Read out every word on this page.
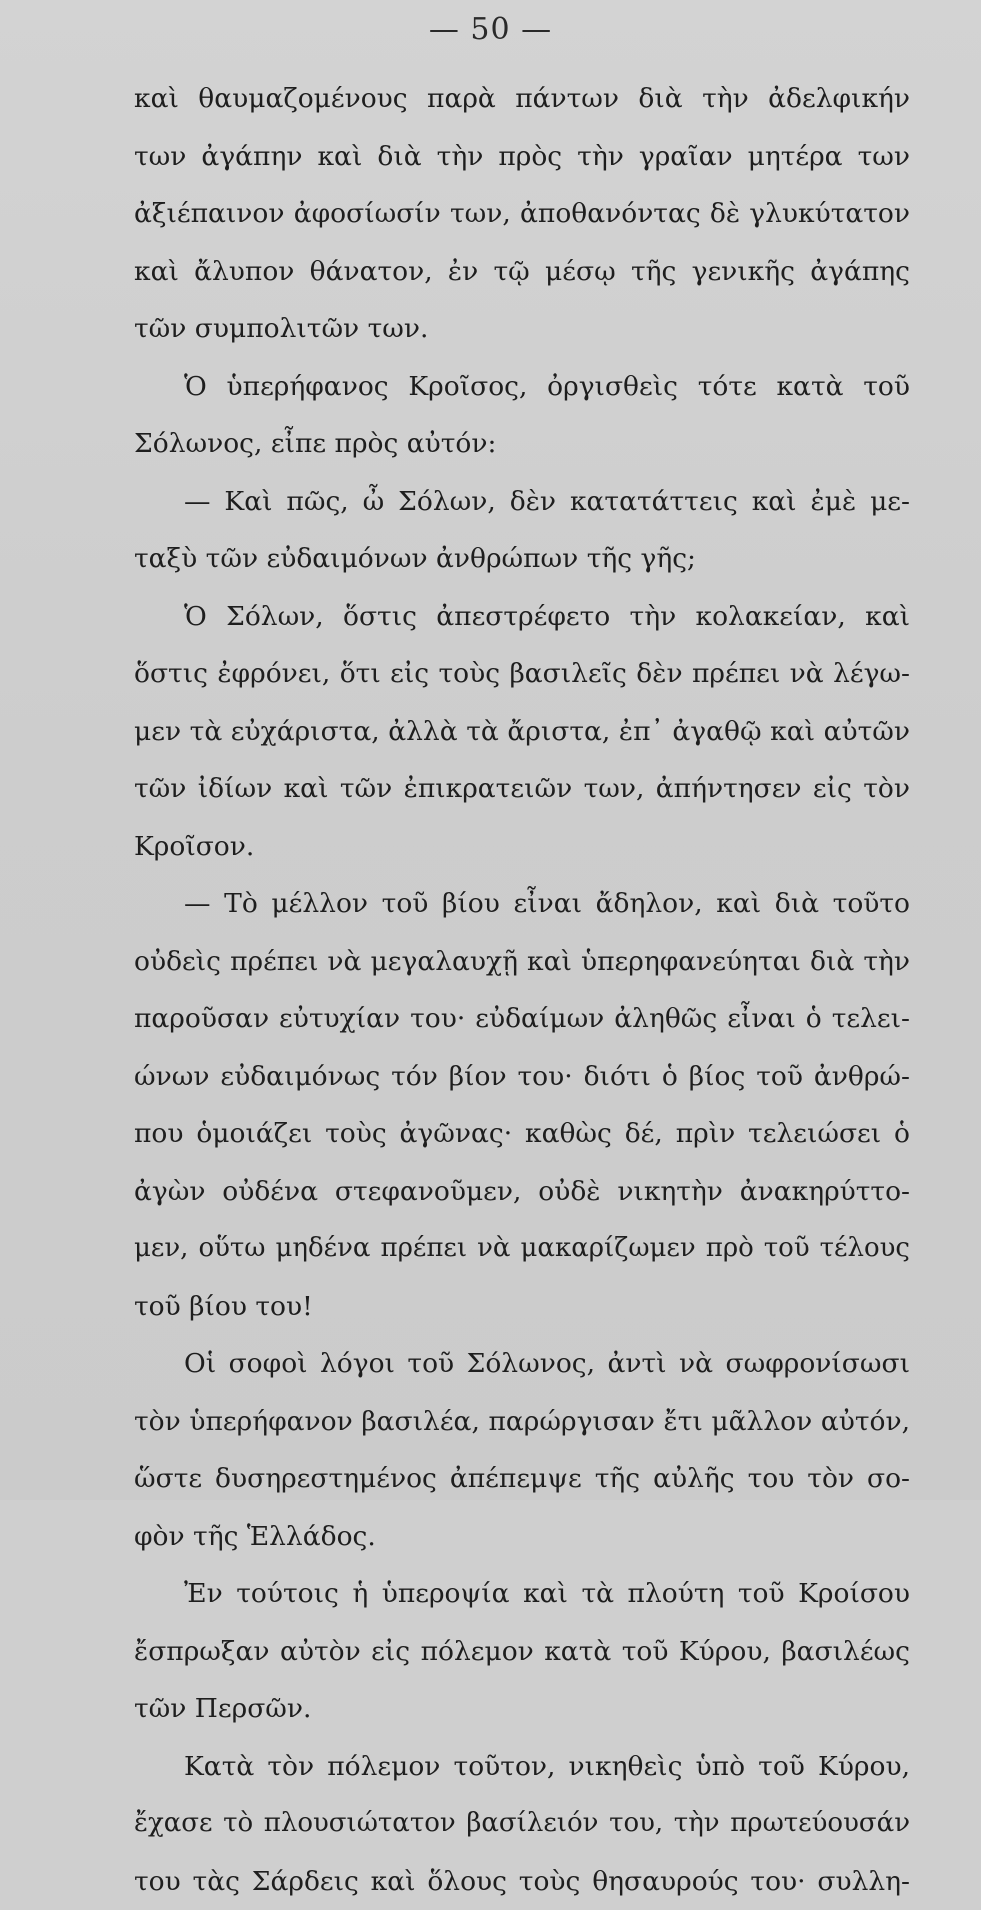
— 50 —
καὶ θαυμαζομένους παρὰ πάντων διὰ τὴν ἀδελφικήν
των ἀγάπην καὶ διὰ τὴν πρὸς τὴν γραῖαν μητέρα των
ἀξιέπαινον ἀφοσίωσίν των, ἀποθανόντας δὲ γλυκύτατον
καὶ ἄλυπον θάνατον, ἐν τῷ μέσῳ τῆς γενικῆς ἀγάπης
τῶν συμπολιτῶν των.
Ὁ ὑπερήφανος Κροῖσος, ὀργισθεὶς τότε κατὰ τοῦ
Σόλωνος, εἶπε πρὸς αὐτόν:
— Καὶ πῶς, ὦ Σόλων, δὲν κατατάττεις καὶ ἐμὲ με-
ταξὺ τῶν εὐδαιμόνων ἀνθρώπων τῆς γῆς;
Ὁ Σόλων, ὅστις ἀπεστρέφετο τὴν κολακείαν, καὶ
ὅστις ἐφρόνει, ὅτι εἰς τοὺς βασιλεῖς δὲν πρέπει νὰ λέγω-
μεν τὰ εὐχάριστα, ἀλλὰ τὰ ἄριστα, ἐπ᾽ ἀγαθῷ καὶ αὐτῶν
τῶν ἰδίων καὶ τῶν ἐπικρατειῶν των, ἀπήντησεν εἰς τὸν
Κροῖσον.
— Τὸ μέλλον τοῦ βίου εἶναι ἄδηλον, καὶ διὰ τοῦτο
οὐδεὶς πρέπει νὰ μεγαλαυχῇ καὶ ὑπερηφανεύηται διὰ τὴν
παροῦσαν εὐτυχίαν του· εὐδαίμων ἀληθῶς εἶναι ὁ τελει-
ώνων εὐδαιμόνως τόν βίον του· διότι ὁ βίος τοῦ ἀνθρώ-
που ὁμοιάζει τοὺς ἀγῶνας· καθὼς δέ, πρὶν τελειώσει ὁ
ἀγὼν οὐδένα στεφανοῦμεν, οὐδὲ νικητὴν ἀνακηρύττο-
μεν, οὕτω μηδένα πρέπει νὰ μακαρίζωμεν πρὸ τοῦ τέλους
τοῦ βίου του!
Οἱ σοφοὶ λόγοι τοῦ Σόλωνος, ἀντὶ νὰ σωφρονίσωσι
τὸν ὑπερήφανον βασιλέα, παρώργισαν ἔτι μᾶλλον αὐτόν,
ὥστε δυσηρεστημένος ἀπέπεμψε τῆς αὐλῆς του τὸν σο-
φὸν τῆς Ἑλλάδος.
Ἐν τούτοις ἡ ὑπεροψία καὶ τὰ πλούτη τοῦ Κροίσου
ἔσπρωξαν αὐτὸν εἰς πόλεμον κατὰ τοῦ Κύρου, βασιλέως
τῶν Περσῶν.
Κατὰ τὸν πόλεμον τοῦτον, νικηθεὶς ὑπὸ τοῦ Κύρου,
ἔχασε τὸ πλουσιώτατον βασίλειόν του, τὴν πρωτεύουσάν
του τὰς Σάρδεις καὶ ὅλους τοὺς θησαυρούς του· συλλη-
